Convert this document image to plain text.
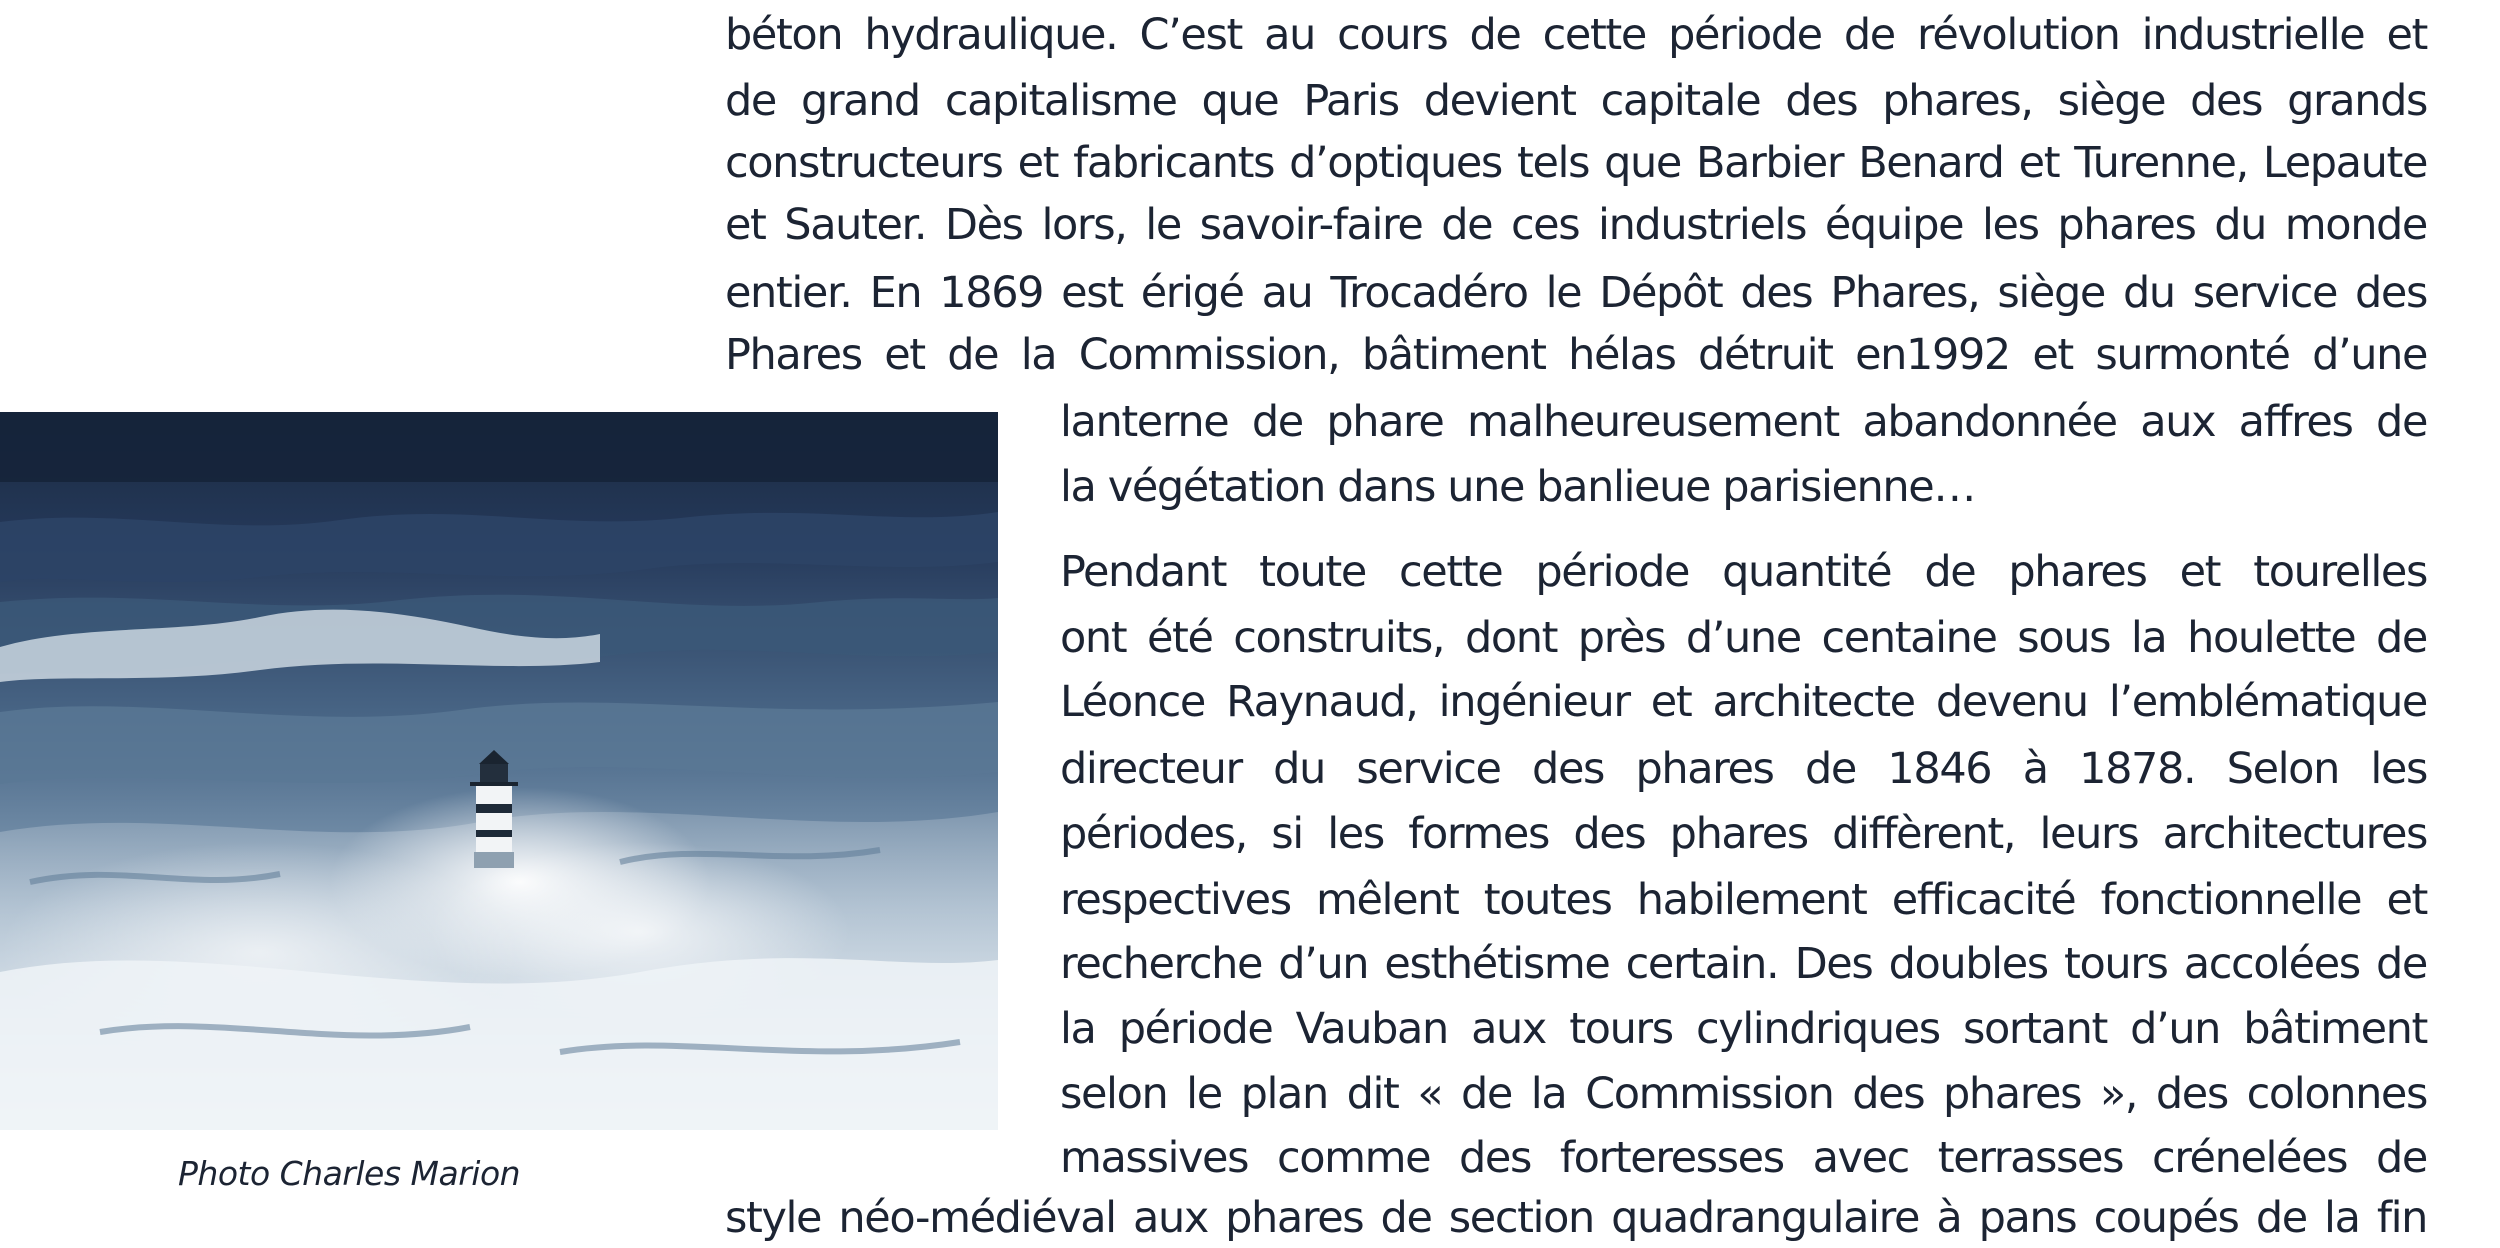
béton hydraulique. C’est au cours de cette période de révolution industrielle et
de grand capitalisme que Paris devient capitale des phares, siège des grands
constructeurs et fabricants d’optiques tels que Barbier Benard et Turenne, Lepaute
et Sauter. Dès lors, le savoir-faire de ces industriels équipe les phares du monde
entier. En 1869 est érigé au Trocadéro le Dépôt des Phares, siège du service des
Phares et de la Commission, bâtiment hélas détruit en1992 et surmonté d’une
lanterne de phare malheureusement abandonnée aux affres de
la végétation dans une banlieue parisienne…
Pendant toute cette période quantité de phares et tourelles
ont été construits, dont près d’une centaine sous la houlette de
Léonce Raynaud, ingénieur et architecte devenu l’emblématique
directeur du service des phares de 1846 à 1878. Selon les
périodes, si les formes des phares diffèrent, leurs architectures
respectives mêlent toutes habilement efficacité fonctionnelle et
recherche d’un esthétisme certain. Des doubles tours accolées de
la période Vauban aux tours cylindriques sortant d’un bâtiment
selon le plan dit « de la Commission des phares », des colonnes
massives comme des forteresses avec terrasses crénelées de
style néo-médiéval aux phares de section quadrangulaire à pans coupés de la fin
Photo Charles Marion
